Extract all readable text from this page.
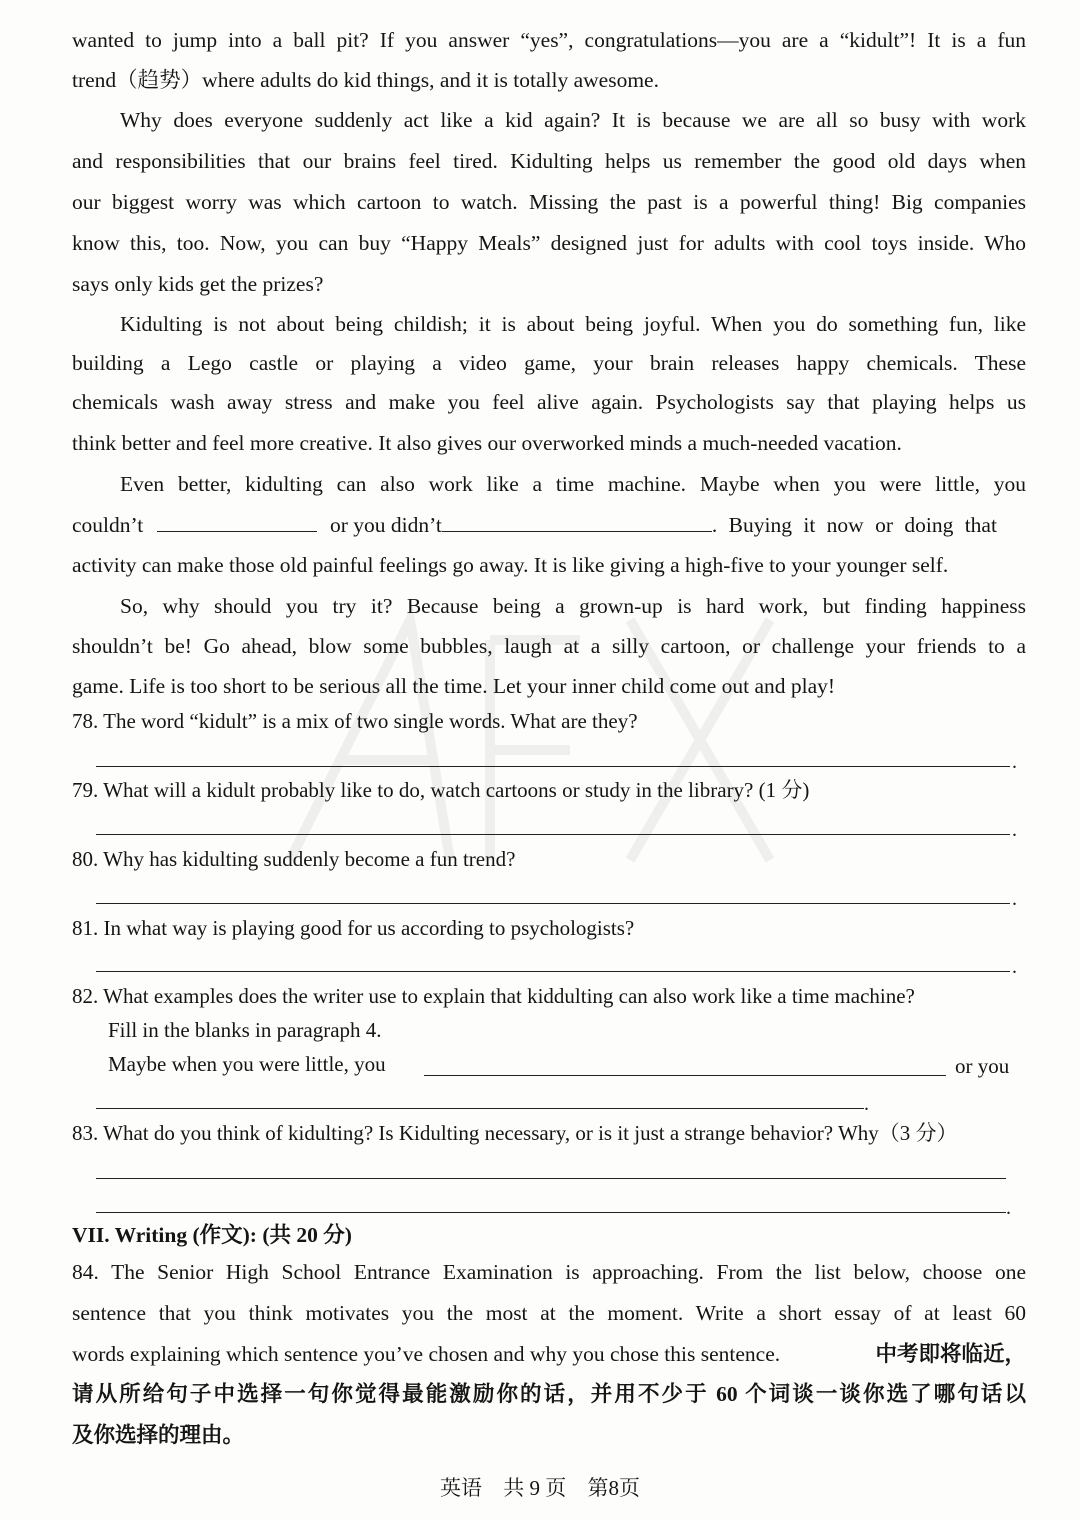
wanted to jump into a ball pit? If you answer “yes”, congratulations—you are a “kidult”! It is a fun
trend（趋势）where adults do kid things, and it is totally awesome.
Why does everyone suddenly act like a kid again? It is because we are all so busy with work
and responsibilities that our brains feel tired. Kidulting helps us remember the good old days when
our biggest worry was which cartoon to watch. Missing the past is a powerful thing! Big companies
know this, too. Now, you can buy “Happy Meals” designed just for adults with cool toys inside. Who
says only kids get the prizes?
Kidulting is not about being childish; it is about being joyful. When you do something fun, like
building a Lego castle or playing a video game, your brain releases happy chemicals. These
chemicals wash away stress and make you feel alive again. Psychologists say that playing helps us
think better and feel more creative. It also gives our overworked minds a much-needed vacation.
Even better, kidulting can also work like a time machine. Maybe when you were little, you
couldn’t	or you didn’t	. Buying it now or doing that
activity can make those old painful feelings go away. It is like giving a high-five to your younger self.
So, why should you try it? Because being a grown-up is hard work, but finding happiness
shouldn’t be! Go ahead, blow some bubbles, laugh at a silly cartoon, or challenge your friends to a
game. Life is too short to be serious all the time. Let your inner child come out and play!
78. The word “kidult” is a mix of two single words. What are they?
.
79. What will a kidult probably like to do, watch cartoons or study in the library? (1 分)
.
80. Why has kidulting suddenly become a fun trend?
.
81. In what way is playing good for us according to psychologists?
.
82. What examples does the writer use to explain that kiddulting can also work like a time machine?
Fill in the blanks in paragraph 4.
Maybe when you were little, you	or you
.
83. What do you think of kidulting? Is Kidulting necessary, or is it just a strange behavior? Why（3 分）
.
VII. Writing (作文): (共 20 分)
84. The Senior High School Entrance Examination is approaching. From the list below, choose one
sentence that you think motivates you the most at the moment. Write a short essay of at least 60
words explaining which sentence you’ve chosen and why you chose this sentence.	中考即将临近，
请从所给句子中选择一句你觉得最能激励你的话，并用不少于 60 个词谈一谈你选了哪句话以
及你选择的理由。
英语 共 9 页 第8页
